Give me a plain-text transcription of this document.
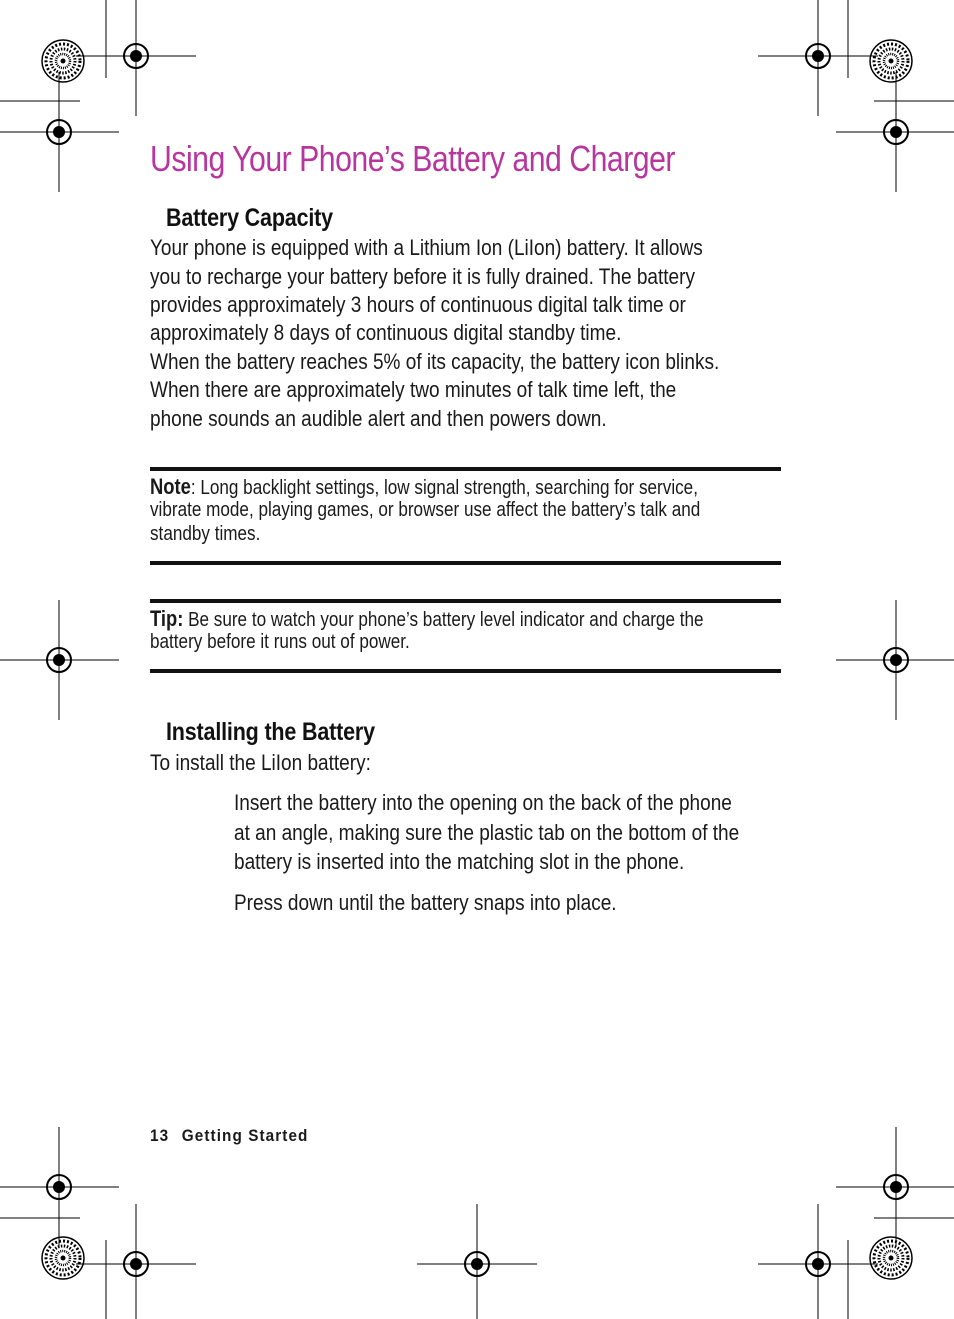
Using Your Phone’s Battery and Charger
Battery Capacity
Your phone is equipped with a Lithium Ion (LiIon) battery. It allows
you to recharge your battery before it is fully drained. The battery
provides approximately 3 hours of continuous digital talk time or
approximately 8 days of continuous digital standby time.
When the battery reaches 5% of its capacity, the battery icon blinks.
When there are approximately two minutes of talk time left, the
phone sounds an audible alert and then powers down.
Note: Long backlight settings, low signal strength, searching for service,
vibrate mode, playing games, or browser use affect the battery’s talk and
standby times.
Tip: Be sure to watch your phone’s battery level indicator and charge the
battery before it runs out of power.
Installing the Battery
To install the LiIon battery:
Insert the battery into the opening on the back of the phone
at an angle, making sure the plastic tab on the bottom of the
battery is inserted into the matching slot in the phone.
Press down until the battery snaps into place.
13 Getting Started
